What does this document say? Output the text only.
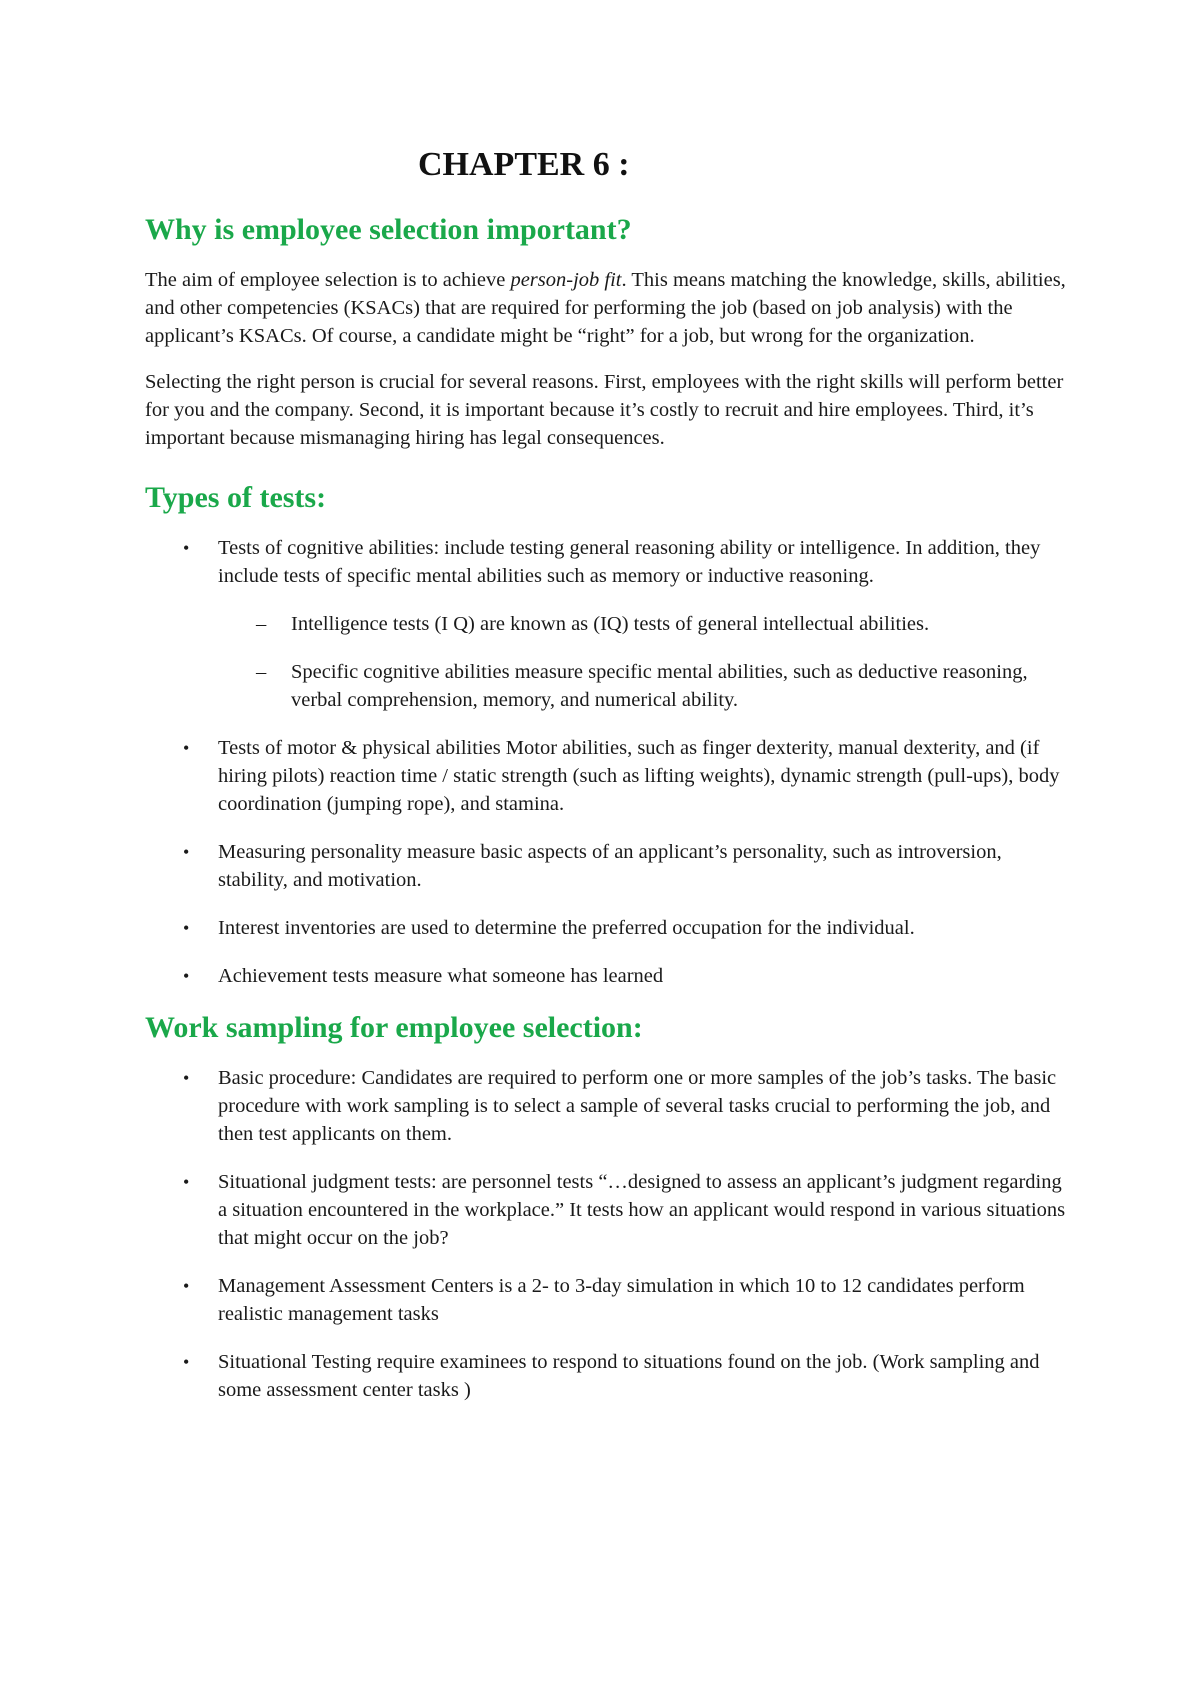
CHAPTER 6 :
Why is employee selection important?

The aim of employee selection is to achieve person-job fit. This means matching the knowledge, skills, abilities, and other competencies (KSACs) that are required for performing the job (based on job analysis) with the applicant’s KSACs. Of course, a candidate might be “right” for a job, but wrong for the organization.

Selecting the right person is crucial for several reasons. First, employees with the right skills will perform better for you and the company. Second, it is important because it’s costly to recruit and hire employees. Third, it’s important because mismanaging hiring has legal consequences.

Types of tests:
• Tests of cognitive abilities: include testing general reasoning ability or intelligence. In addition, they include tests of specific mental abilities such as memory or inductive reasoning.
– Intelligence tests (I Q) are known as (IQ) tests of general intellectual abilities.
– Specific cognitive abilities measure specific mental abilities, such as deductive reasoning, verbal comprehension, memory, and numerical ability.
• Tests of motor & physical abilities Motor abilities, such as finger dexterity, manual dexterity, and (if hiring pilots) reaction time / static strength (such as lifting weights), dynamic strength (pull-ups), body coordination (jumping rope), and stamina.
• Measuring personality measure basic aspects of an applicant’s personality, such as introversion, stability, and motivation.
• Interest inventories are used to determine the preferred occupation for the individual.
• Achievement tests measure what someone has learned
Work sampling for employee selection:
• Basic procedure: Candidates are required to perform one or more samples of the job’s tasks. The basic procedure with work sampling is to select a sample of several tasks crucial to performing the job, and then test applicants on them.
• Situational judgment tests: are personnel tests “…designed to assess an applicant’s judgment regarding a situation encountered in the workplace.” It tests how an applicant would respond in various situations that might occur on the job?
• Management Assessment Centers is a 2- to 3-day simulation in which 10 to 12 candidates perform realistic management tasks
• Situational Testing require examinees to respond to situations found on the job. (Work sampling and some assessment center tasks )
